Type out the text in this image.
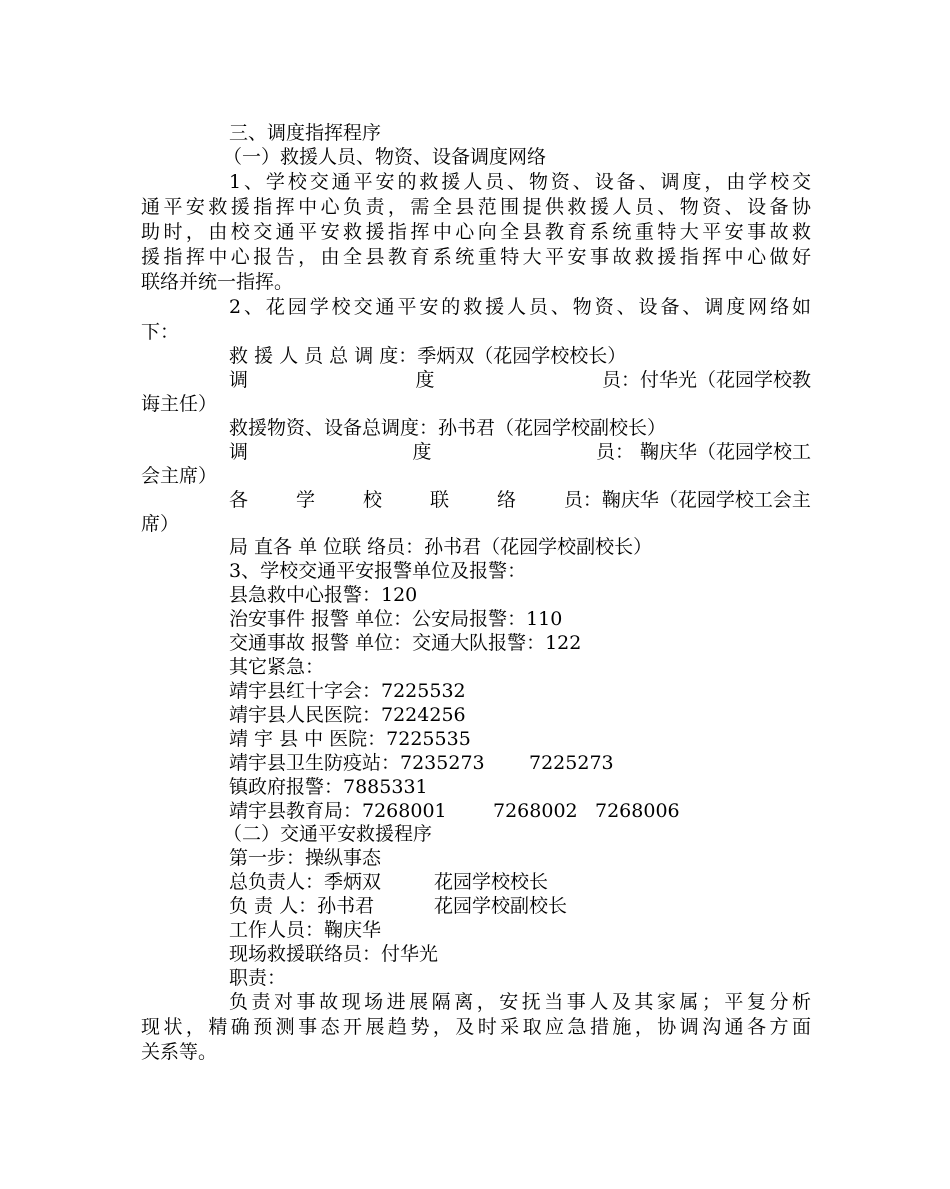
三、调度指挥程序
（一）救援人员、物资、设备调度网络
1、学校交通平安的救援人员、物资、设备、调度，由学校交
通平安救援指挥中心负责，需全县范围提供救援人员、物资、设备协
助时，由校交通平安救援指挥中心向全县教育系统重特大平安事故救
援指挥中心报告，由全县教育系统重特大平安事故救援指挥中心做好
联络并统一指挥。
2、花园学校交通平安的救援人员、物资、设备、调度网络如
下：
救 援 人 员 总 调 度：季炳双（花园学校校长）
调	度	员：付华光（花园学校教
诲主任）
救援物资、设备总调度：孙书君（花园学校副校长）
调	度	员： 鞠庆华（花园学校工
会主席）
各	学	校	联	络	员：鞠庆华（花园学校工会主
席）
局 直各 单 位联 络员：孙书君（花园学校副校长）
3、学校交通平安报警单位及报警：
县急救中心报警：120
治安事件 报警 单位：公安局报警：110
交通事故 报警 单位：交通大队报警：122
其它紧急：
靖宇县红十字会：7225532
靖宇县人民医院：7224256
靖 宇 县 中 医院：7225535
靖宇县卫生防疫站：7235273 7225273
镇政府报警：7885331
靖宇县教育局：7268001 7268002 7268006
（二）交通平安救援程序
第一步：操纵事态
总负责人：季炳双	花园学校校长
负 责 人：孙书君	花园学校副校长
工作人员：鞠庆华
现场救援联络员：付华光
职责：
负责对事故现场进展隔离，安抚当事人及其家属；平复分析
现状，精确预测事态开展趋势，及时采取应急措施，协调沟通各方面
关系等。
